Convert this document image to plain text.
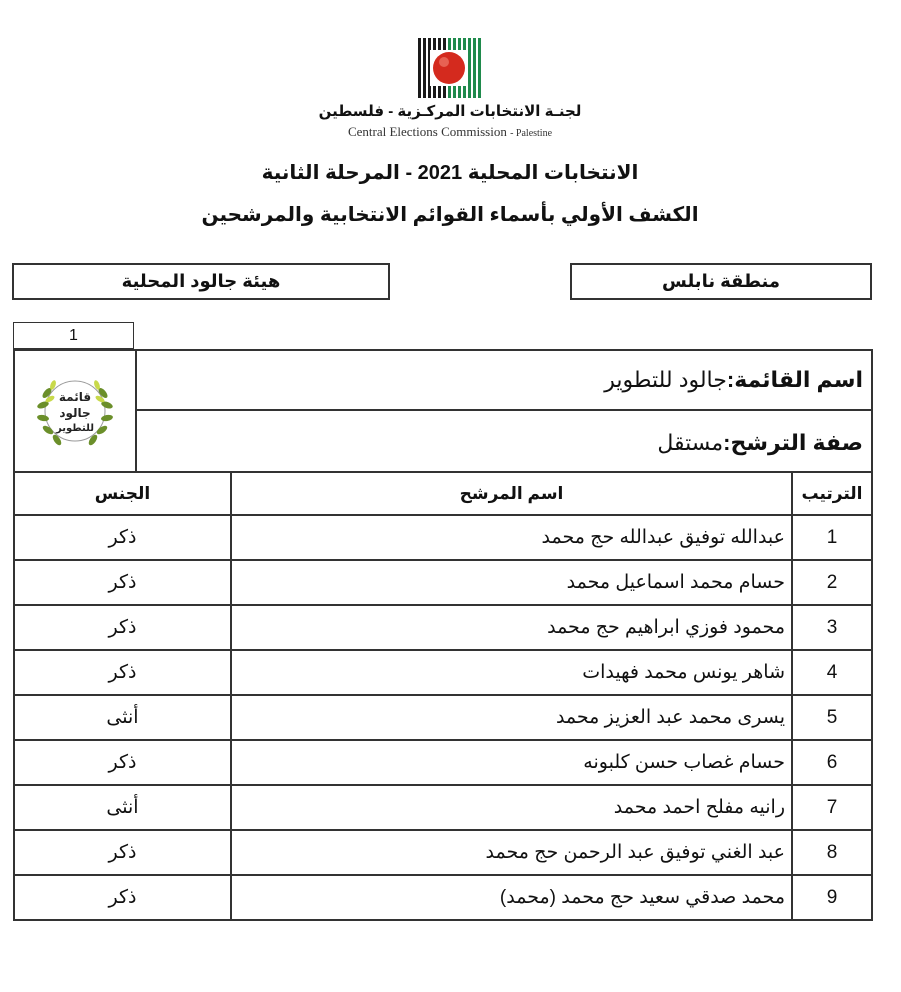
لجنـة الانتخابات المركـزية - فلسطين
Central Elections Commission - Palestine
الانتخابات المحلية 2021 - المرحلة الثانية
الكشف الأولي بأسماء القوائم الانتخابية والمرشحين
هيئة جالود المحلية	منطقة نابلس
1
قائمة
جالود
للتطوير
اسم القائمة:
جالود للتطوير
صفة الترشح:
مستقل
الترتيب	اسم المرشح	الجنس
1	عبدالله توفيق عبدالله حج محمد	ذكر
2	حسام محمد اسماعيل محمد	ذكر
3	محمود فوزي ابراهيم حج محمد	ذكر
4	شاهر يونس محمد فهيدات	ذكر
5	يسرى محمد عبد العزيز محمد	أنثى
6	حسام غصاب حسن كلبونه	ذكر
7	رانيه مفلح احمد محمد	أنثى
8	عبد الغني توفيق عبد الرحمن حج محمد	ذكر
9	محمد صدقي سعيد حج محمد (محمد)	ذكر
